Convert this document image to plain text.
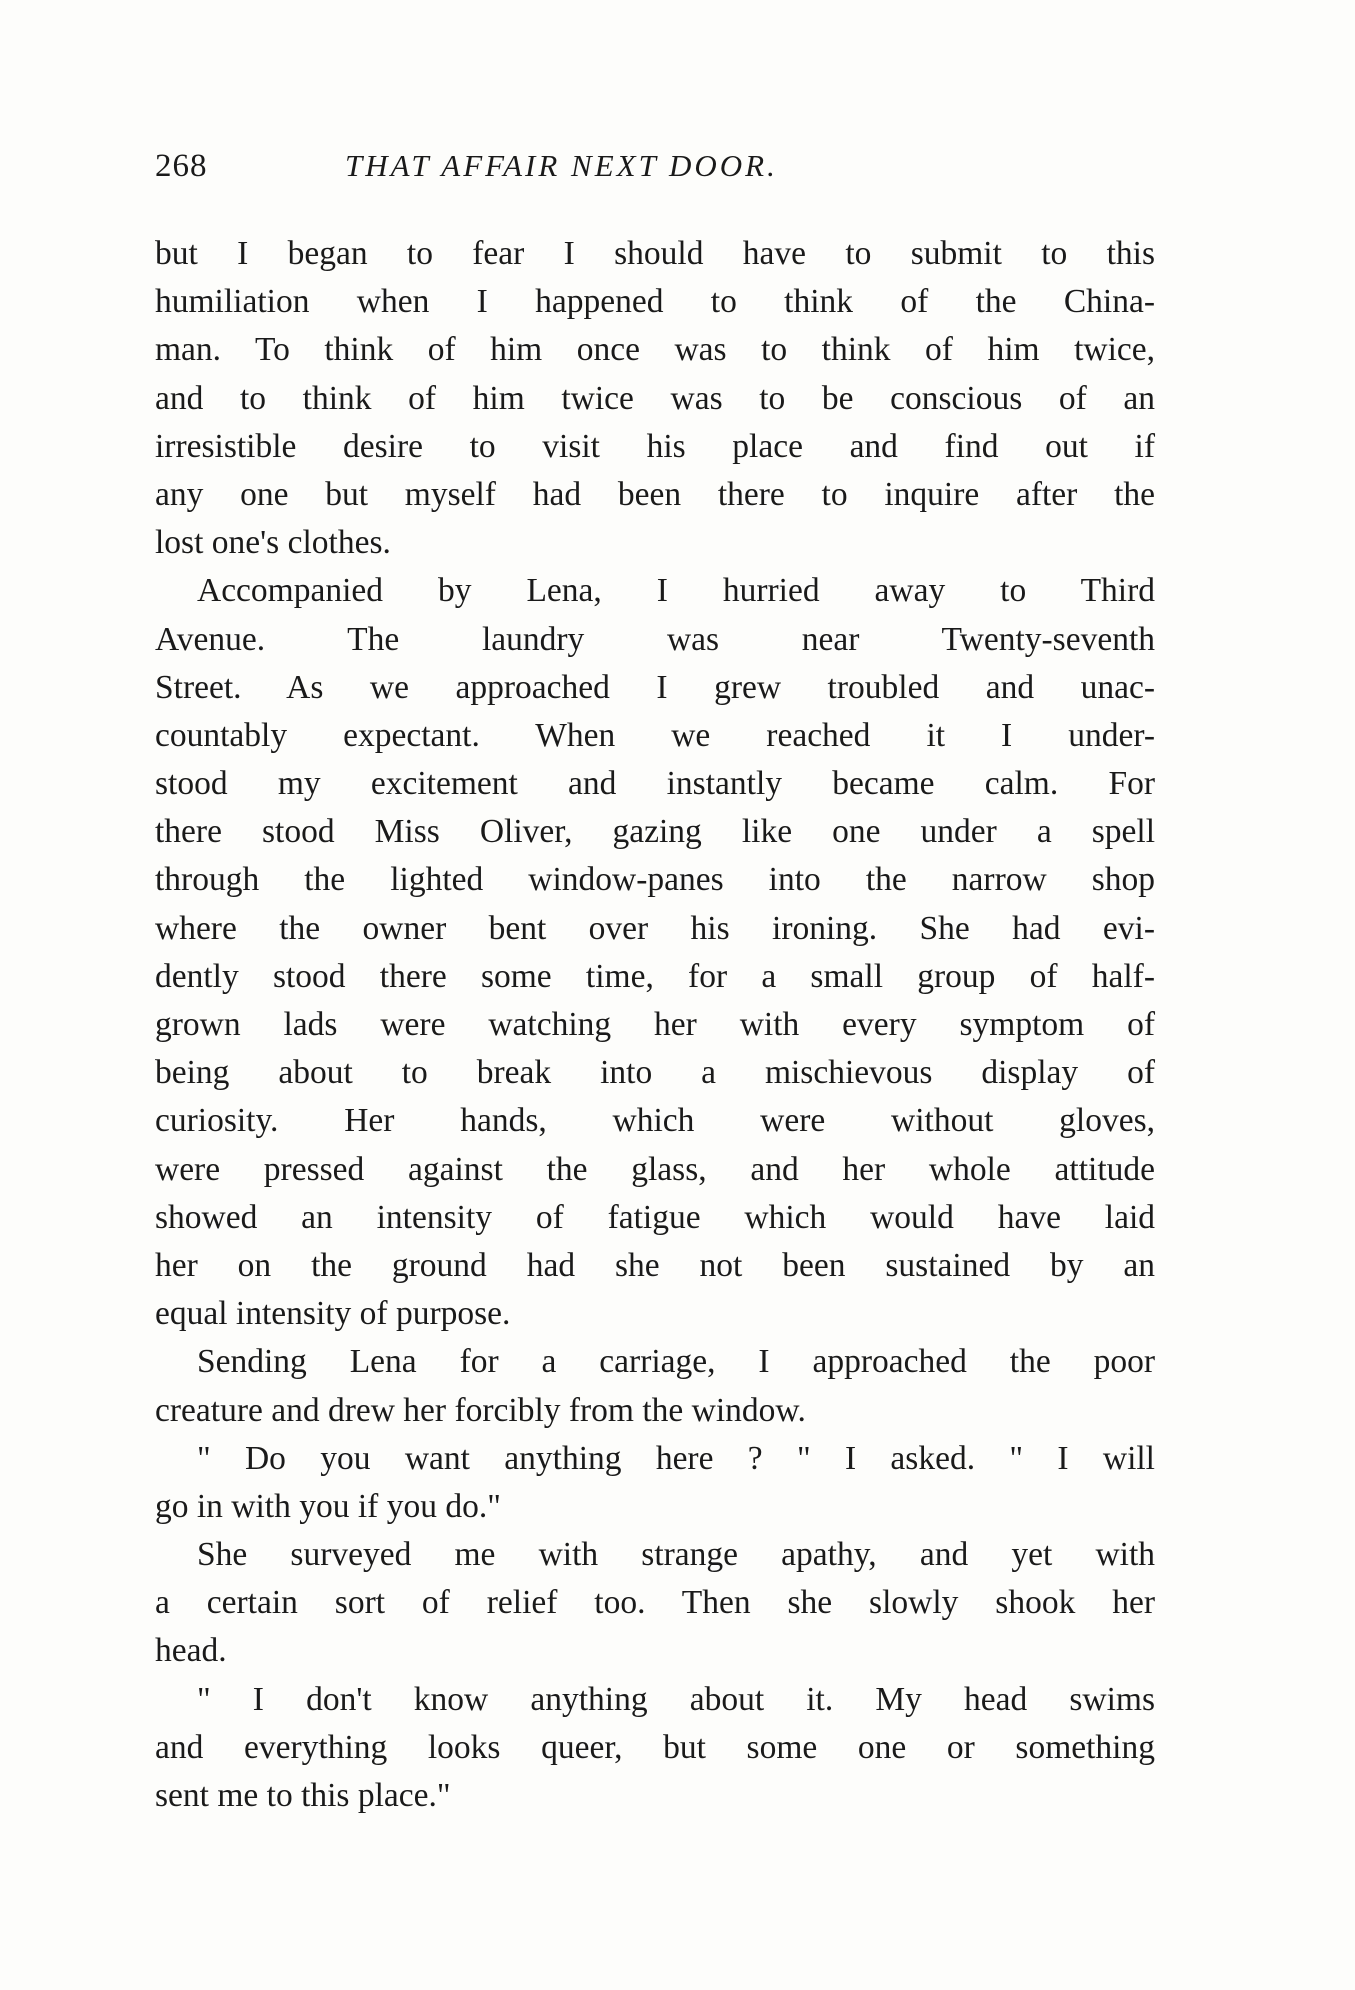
268	THAT AFFAIR NEXT DOOR.
but I began to fear I should have to submit to this
humiliation when I happened to think of the China-
man. To think of him once was to think of him twice,
and to think of him twice was to be conscious of an
irresistible desire to visit his place and find out if
any one but myself had been there to inquire after the
lost one's clothes.
Accompanied by Lena, I hurried away to Third
Avenue. The laundry was near Twenty-seventh
Street. As we approached I grew troubled and unac-
countably expectant. When we reached it I under-
stood my excitement and instantly became calm. For
there stood Miss Oliver, gazing like one under a spell
through the lighted window-panes into the narrow shop
where the owner bent over his ironing. She had evi-
dently stood there some time, for a small group of half-
grown lads were watching her with every symptom of
being about to break into a mischievous display of
curiosity. Her hands, which were without gloves,
were pressed against the glass, and her whole attitude
showed an intensity of fatigue which would have laid
her on the ground had she not been sustained by an
equal intensity of purpose.
Sending Lena for a carriage, I approached the poor
creature and drew her forcibly from the window.
" Do you want anything here ? " I asked. " I will
go in with you if you do."
She surveyed me with strange apathy, and yet with
a certain sort of relief too. Then she slowly shook her
head.
" I don't know anything about it. My head swims
and everything looks queer, but some one or something
sent me to this place."
